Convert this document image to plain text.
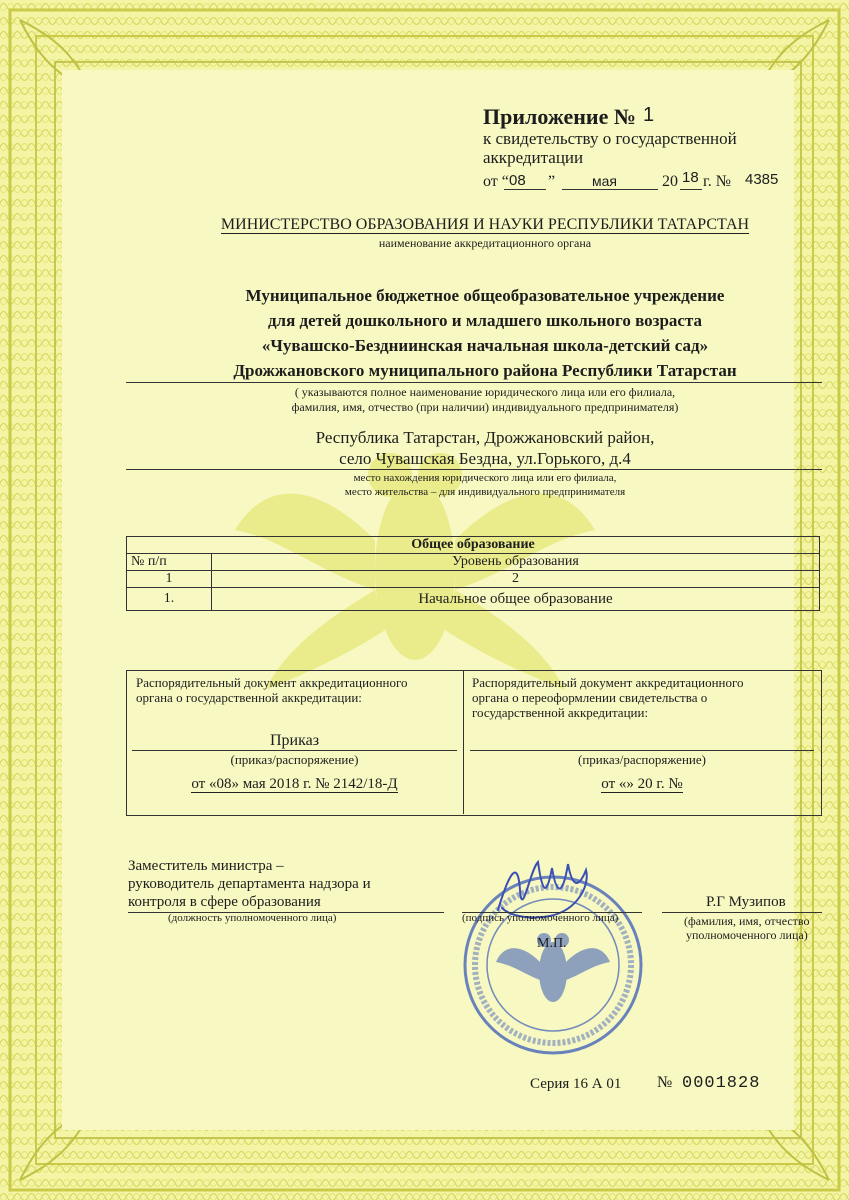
Приложение № 1
к свидетельству о государственной
аккредитации
от “ 08 ”	мая	20 18 г. № 4385
МИНИСТЕРСТВО ОБРАЗОВАНИЯ И НАУКИ РЕСПУБЛИКИ ТАТАРСТАН
наименование аккредитационного органа
Муниципальное бюджетное общеобразовательное учреждение
для детей дошкольного и младшего школьного возраста
«Чувашско-Бездниинская начальная школа-детский сад»
Дрожжановского муниципального района Республики Татарстан
( указываются полное наименование юридического лица или его филиала,
фамилия, имя, отчество (при наличии) индивидуального предпринимателя)
Республика Татарстан, Дрожжановский район,
село Чувашская Бездна, ул.Горького, д.4
место нахождения юридического лица или его филиала,
место жительства – для индивидуального предпринимателя
Общее образование	
№ п/п	Уровень образования
1	2
1.	Начальное общее образование
Распорядительный документ аккредитационного
органа о государственной аккредитации:
Приказ
(приказ/распоряжение)
от «08» мая 2018 г. № 2142/18-Д
Распорядительный документ аккредитационного
органа о переоформлении свидетельства о
государственной аккредитации:
(приказ/распоряжение)
от «» 20 г. №
Заместитель министра –
руководитель департамента надзора и
контроля в сфере образования
(должность уполномоченного лица)	(подпись уполномоченного лица)
М.П.
Р.Г Музипов
(фамилия, имя, отчество
уполномоченного лица)
Серия 16 А 01 № 0001828
